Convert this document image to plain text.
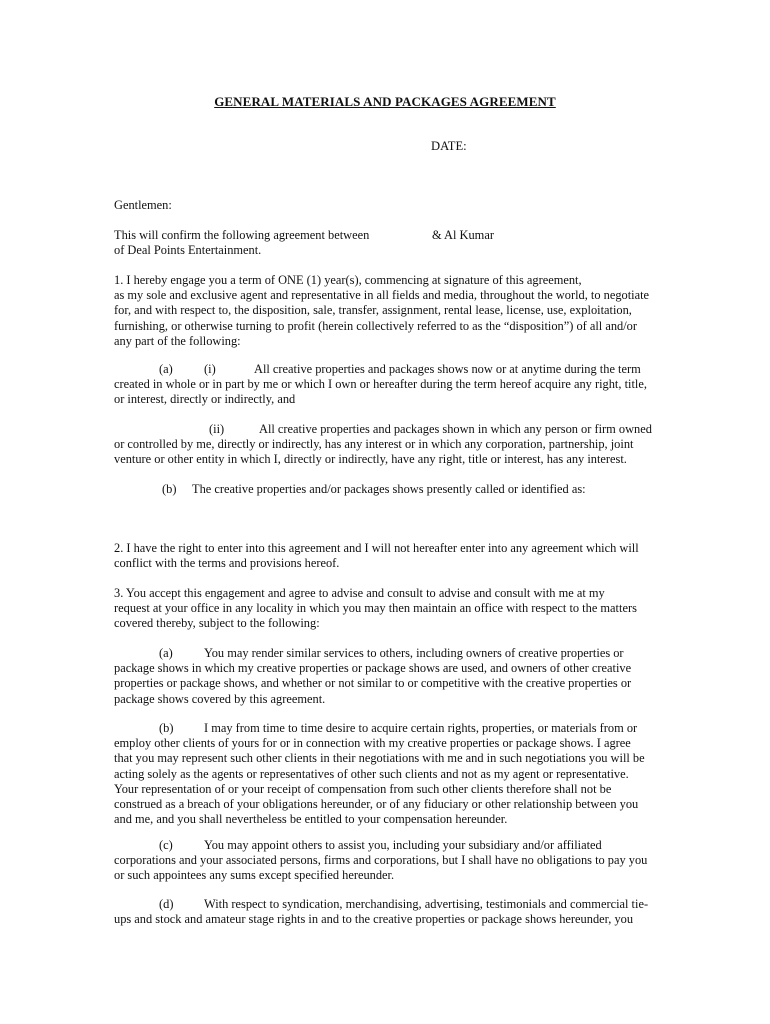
GENERAL MATERIALS AND PACKAGES AGREEMENT
DATE:
Gentlemen:
This will confirm the following agreement between	& Al Kumar
of Deal Points Entertainment.
1. I hereby engage you a term of ONE (1) year(s), commencing at signature of this agreement,
as my sole and exclusive agent and representative in all fields and media, throughout the world, to negotiate
for, and with respect to, the disposition, sale, transfer, assignment, rental lease, license, use, exploitation,
furnishing, or otherwise turning to profit (herein collectively referred to as the “disposition”) of all and/or
any part of the following:
(a)	(i)	All creative properties and packages shows now or at anytime during the term
created in whole or in part by me or which I own or hereafter during the term hereof acquire any right, title,
or interest, directly or indirectly, and
(ii)	All creative properties and packages shown in which any person or firm owned
or controlled by me, directly or indirectly, has any interest or in which any corporation, partnership, joint
venture or other entity in which I, directly or indirectly, have any right, title or interest, has any interest.
(b) The creative properties and/or packages shows presently called or identified as:
2. I have the right to enter into this agreement and I will not hereafter enter into any agreement which will
conflict with the terms and provisions hereof.
3. You accept this engagement and agree to advise and consult to advise and consult with me at my
request at your office in any locality in which you may then maintain an office with respect to the matters
covered thereby, subject to the following:
(a)	You may render similar services to others, including owners of creative properties or
package shows in which my creative properties or package shows are used, and owners of other creative
properties or package shows, and whether or not similar to or competitive with the creative properties or
package shows covered by this agreement.
(b) I may from time to time desire to acquire certain rights, properties, or materials from or
employ other clients of yours for or in connection with my creative properties or package shows. I agree
that you may represent such other clients in their negotiations with me and in such negotiations you will be
acting solely as the agents or representatives of other such clients and not as my agent or representative.
Your representation of or your receipt of compensation from such other clients therefore shall not be
construed as a breach of your obligations hereunder, or of any fiduciary or other relationship between you
and me, and you shall nevertheless be entitled to your compensation hereunder.
(c)	You may appoint others to assist you, including your subsidiary and/or affiliated
corporations and your associated persons, firms and corporations, but I shall have no obligations to pay you
or such appointees any sums except specified hereunder.
(d) With respect to syndication, merchandising, advertising, testimonials and commercial tie-
ups and stock and amateur stage rights in and to the creative properties or package shows hereunder, you
